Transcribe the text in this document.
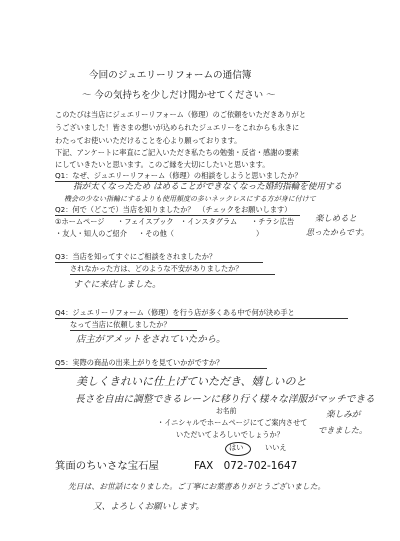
今回のジュエリーリフォームの通信簿
〜 今の気持ちを少しだけ聞かせてください 〜
このたびは当店にジュエリーリフォーム（修理）のご依頼をいただきありがと
うございました！皆さまの想いが込められたジュエリーをこれからも永きに
わたってお使いいただけることを心より願っております。
下記、アンケートに率直にご記入いただき私たちの勉強・反省・感謝の要素
にしていきたいと思います。このご縁を大切にしたいと思います。
Q1：なぜ、ジュエリーリフォーム（修理）の相談をしようと思いましたか？
指が太くなったため はめることができなくなった婚約指輪を使用する
機会の少ない指輪にするよりも使用頻度の多いネックレスにする方が身に付けて
Q2：何で（どこで）当店を知りましたか？　（チェックをお願いします）
①ホームページ ・フェイスブック ・インスタグラム ・チラシ広告
・友人・知人のご紹介 ・その他（	）
楽しめると
思ったからです。
Q3：当店を知ってすぐにご相談をされましたか？
されなかった方は、どのような不安がありましたか？
すぐに来店しました。
Q4：ジュエリーリフォーム（修理）を行う店が多くある中で何が決め手と
なって当店に依頼しましたか？
店主がアメットをされていたから。
Q5：実際の商品の出来上がりを見ていかがですか？
美しくきれいに仕上げていただき、嬉しいのと
長さを自由に調整できるレーンに移り行く様々な洋服がマッチできる
お名前
・イニシャルでホームページにてご案内させて
いただいてよろしいでしょうか？
楽しみが
できました。
はい	いいえ
箕面のちいさな宝石屋	FAX　072-702-1647
先日は、お世話になりました。ご丁寧にお葉書ありがとうございました。
又、よろしくお願いします。
